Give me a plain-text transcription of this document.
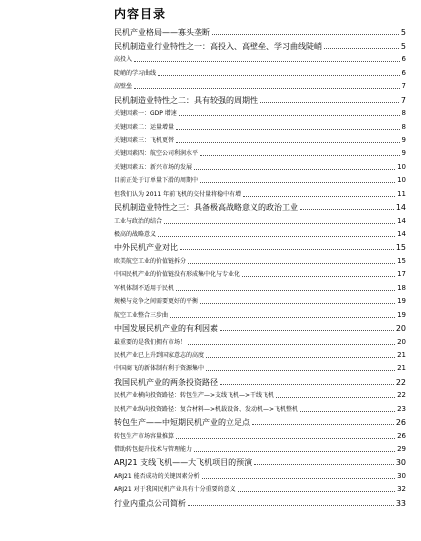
内容目录
民机产业格局——寡头垄断	5
民机制造业行业特性之一：高投入、高壁垒、学习曲线陡峭	5
高投入	6
陡峭的学习曲线	6
高壁垒	7
民机制造业特性之二：具有较强的周期性	7
关键因素一：GDP 增速	8
关键因素二：运量增量	8
关键因素三：飞机更替	9
关键因素四：航空公司利润水平	9
关键因素五：新兴市场的发展	10
目前正处于订单量下滑的周期中	10
但我们认为 2011 年前飞机的交付量将稳中有增	11
民机制造业特性之三：具备极高战略意义的政治工业	14
工业与政治的结合	14
极高的战略意义	14
中外民机产业对比	15
欧美航空工业的价值链拆分	15
中国民机产业的价值链没有形成集中化与专业化	17
军机体制不适用于民机	18
规模与竞争之间需要更好的平衡	19
航空工业整合三步曲	19
中国发展民机产业的有利因素	20
最重要的是我们拥有市场！	20
民机产业已上升到国家意志的高度	21
中国商飞的新体制有利于资源集中	21
我国民机产业的两条投资路径	22
民机产业横向投资路径：转包生产—>支线飞机—>干线飞机	22
民机产业纵向投资路径：复合材料—>机载设备、发动机—>飞机整机	23
转包生产——中短期民机产业的立足点	26
转包生产市场容量推算	26
借助转包提升技术与管理能力	29
ARJ21 支线飞机——大飞机项目的预演	30
ARJ21 能否成功的关键因素分析	30
ARJ21 对于我国民机产业具有十分重要的意义	32
行业内重点公司简析	33
